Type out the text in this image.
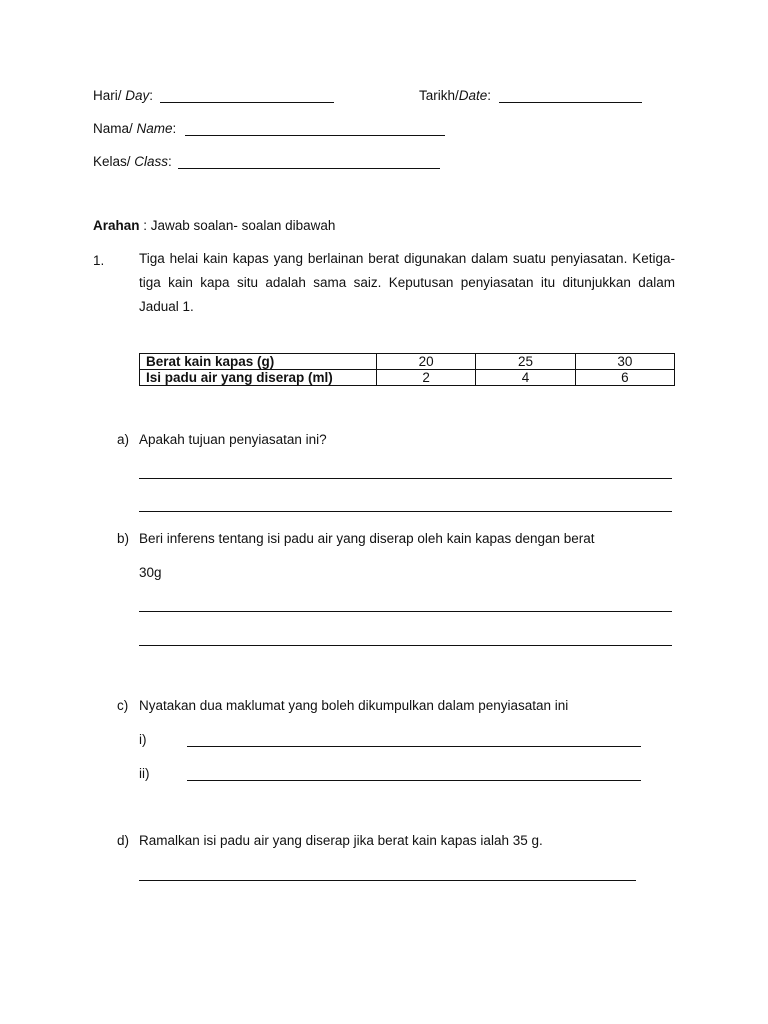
Hari/ Day:	Tarikh/Date:
Nama/ Name:
Kelas/ Class:
Arahan : Jawab soalan- soalan dibawah
1.	Tiga helai kain kapas yang berlainan berat digunakan dalam suatu penyiasatan. Ketiga-tiga kain kapa situ adalah sama saiz. Keputusan penyiasatan itu ditunjukkan dalam Jadual 1.
Berat kain kapas (g)	20	25	30
Isi padu air yang diserap (ml)	2	4	6
a) Apakah tujuan penyiasatan ini?
b) Beri inferens tentang isi padu air yang diserap oleh kain kapas dengan berat
30g
c) Nyatakan dua maklumat yang boleh dikumpulkan dalam penyiasatan ini
i)
ii)
d) Ramalkan isi padu air yang diserap jika berat kain kapas ialah 35 g.
